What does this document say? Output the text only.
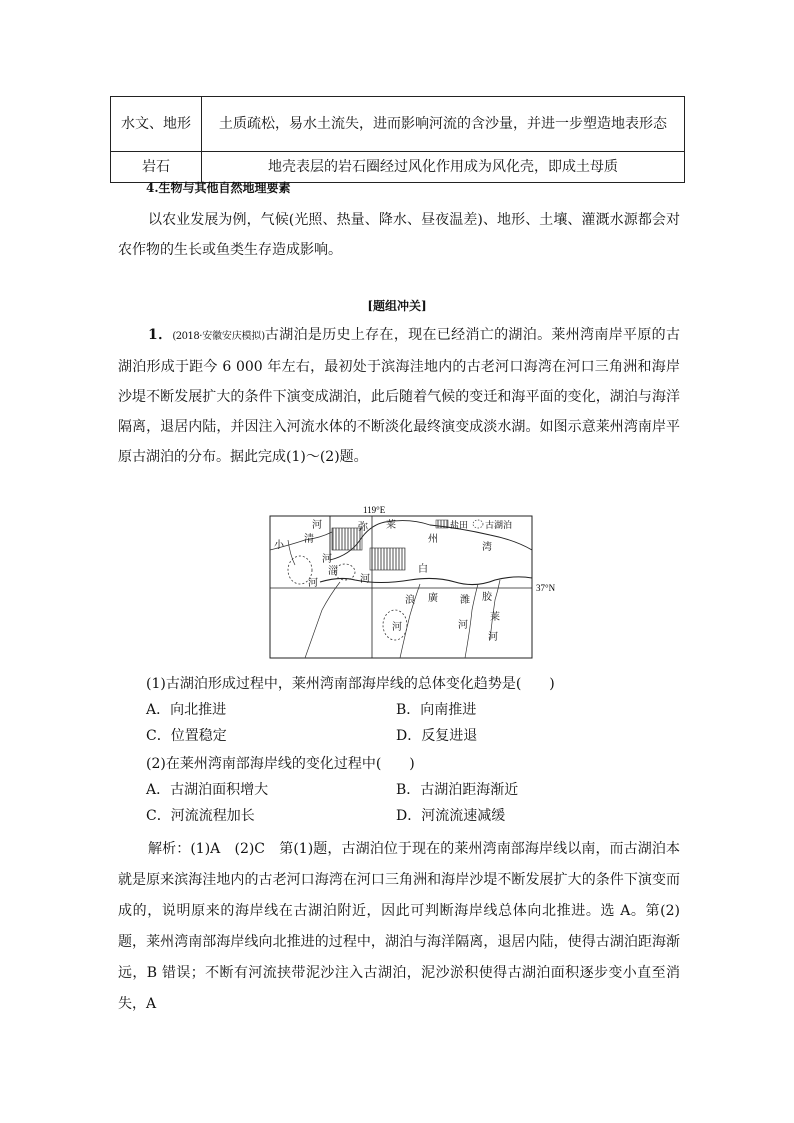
水文、地形	土质疏松，易水土流失，进而影响河流的含沙量，并进一步塑造地表形态
岩石	地壳表层的岩石圈经过风化作用成为风化壳，即成土母质
4.生物与其他自然地理要素
以农业发展为例，气候(光照、热量、降水、昼夜温差)、地形、土壤、灌溉水源都会对农作物的生长或鱼类生存造成影响。
[题组冲关]
1．(2018·安徽安庆模拟)古湖泊是历史上存在，现在已经消亡的湖泊。莱州湾南岸平原的古湖泊形成于距今 6 000 年左右，最初处于滨海洼地内的古老河口海湾在河口三角洲和海岸沙堤不断发展扩大的条件下演变成湖泊，此后随着气候的变迁和海平面的变化，湖泊与海洋隔离，退居内陆，并因注入河流水体的不断淡化最终演变成淡水湖。如图示意莱州湾南岸平原古湖泊的分布。据此完成(1)～(2)题。
119°E
37°N
河
小
清
河
淄
河
弥
河
莱
州
湾
白
浪
河
潍
河
胶
莱
河
廣
盐田 古湖泊
(1)古湖泊形成过程中，莱州湾南部海岸线的总体变化趋势是(　　)
A．向北推进	B．向南推进
C．位置稳定	D．反复进退
(2)在莱州湾南部海岸线的变化过程中(　　)
A．古湖泊面积增大	B．古湖泊距海渐近
C．河流流程加长	D．河流流速减缓
解析：(1)A　(2)C　第(1)题，古湖泊位于现在的莱州湾南部海岸线以南，而古湖泊本就是原来滨海洼地内的古老河口海湾在河口三角洲和海岸沙堤不断发展扩大的条件下演变而成的，说明原来的海岸线在古湖泊附近，因此可判断海岸线总体向北推进。选 A。第(2)题，莱州湾南部海岸线向北推进的过程中，湖泊与海洋隔离，退居内陆，使得古湖泊距海渐远，B 错误；不断有河流挟带泥沙注入古湖泊，泥沙淤积使得古湖泊面积逐步变小直至消失，A
